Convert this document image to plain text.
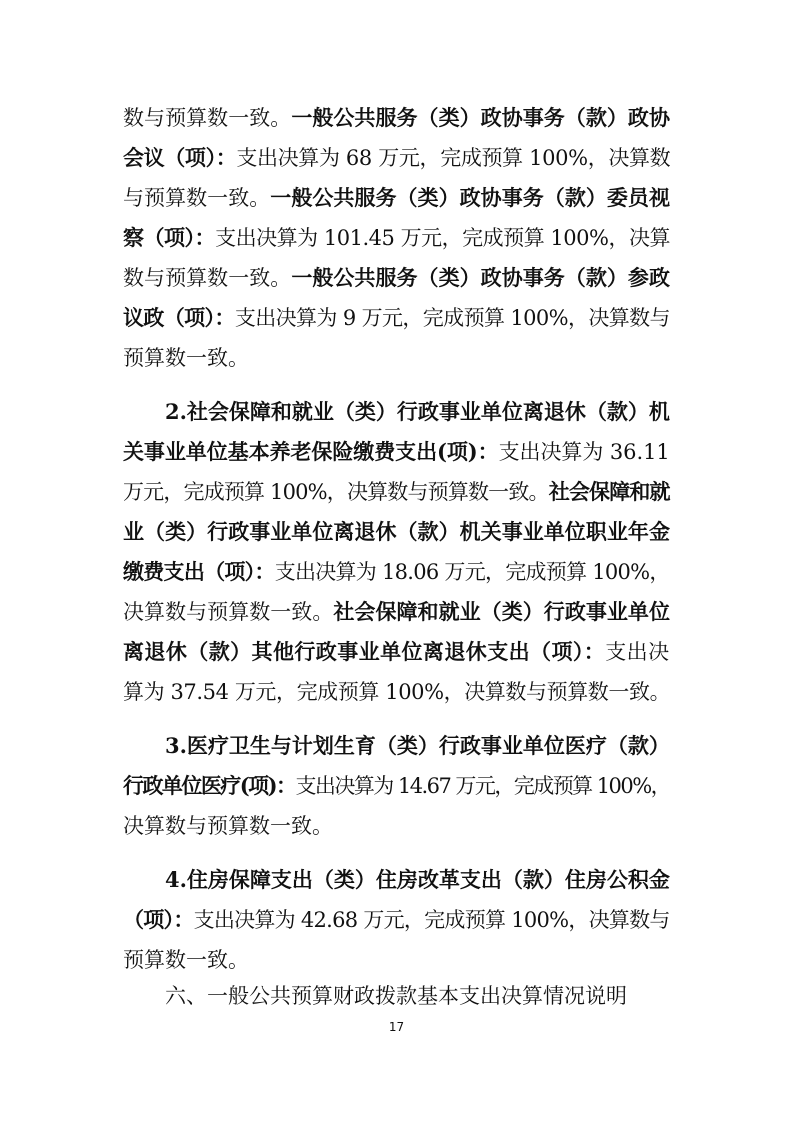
数与预算数一致。一般公共服务（类）政协事务（款）政协
会议（项）：支出决算为 68 万元，完成预算 100%，决算数
与预算数一致。一般公共服务（类）政协事务（款）委员视
察（项）：支出决算为 101.45 万元，完成预算 100%，决算
数与预算数一致。一般公共服务（类）政协事务（款）参政
议政（项）：支出决算为 9 万元，完成预算 100%，决算数与
预算数一致。
2.社会保障和就业（类）行政事业单位离退休（款）机
关事业单位基本养老保险缴费支出(项)：支出决算为 36.11
万元，完成预算 100%，决算数与预算数一致。社会保障和就
业（类）行政事业单位离退休（款）机关事业单位职业年金
缴费支出（项）：支出决算为 18.06 万元，完成预算 100%，
决算数与预算数一致。社会保障和就业（类）行政事业单位
离退休（款）其他行政事业单位离退休支出（项）：支出决
算为 37.54 万元，完成预算 100%，决算数与预算数一致。
3.医疗卫生与计划生育（类）行政事业单位医疗（款）
行政单位医疗(项)：支出决算为 14.67 万元，完成预算 100%，
决算数与预算数一致。
4.住房保障支出（类）住房改革支出（款）住房公积金
（项）：支出决算为 42.68 万元，完成预算 100%，决算数与
预算数一致。
六、一般公共预算财政拨款基本支出决算情况说明
17
